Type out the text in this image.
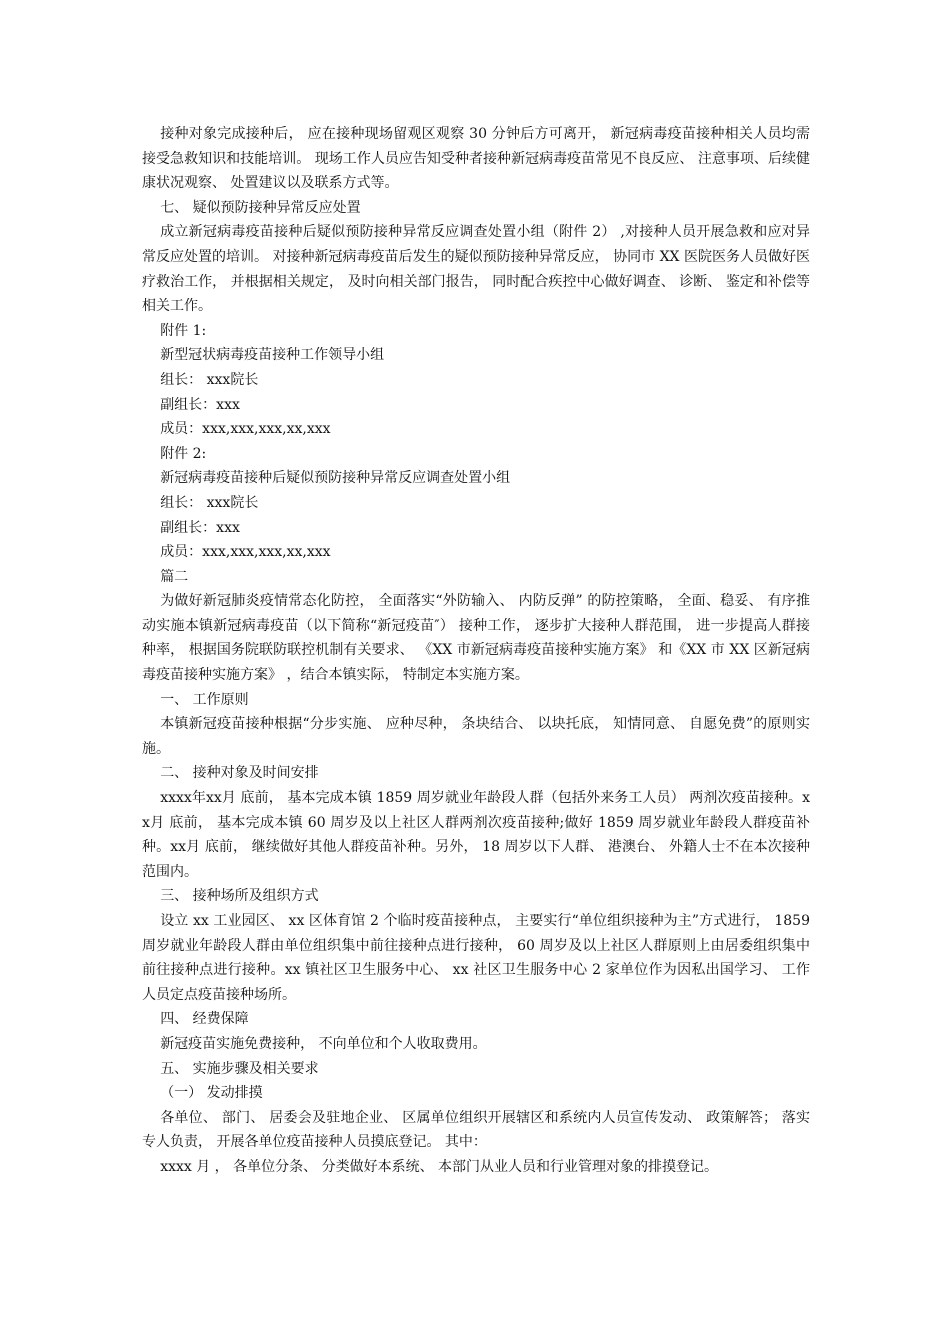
接种对象完成接种后， 应在接种现场留观区观察 30 分钟后方可离开， 新冠病毒疫苗接种相关人员均需接受急救知识和技能培训。 现场工作人员应告知受种者接种新冠病毒疫苗常见不良反应、 注意事项、后续健康状况观察、 处置建议以及联系方式等。

七、 疑似预防接种异常反应处置

成立新冠病毒疫苗接种后疑似预防接种异常反应调查处置小组（附件 2） ,对接种人员开展急救和应对异常反应处置的培训。 对接种新冠病毒疫苗后发生的疑似预防接种异常反应， 协同市 XX 医院医务人员做好医疗救治工作， 并根据相关规定， 及时向相关部门报告， 同时配合疾控中心做好调查、 诊断、 鉴定和补偿等相关工作。

附件 1:

新型冠状病毒疫苗接种工作领导小组

组长： xxx院长

副组长：xxx

成员：xxx,xxx,xxx,xx,xxx

附件 2:

新冠病毒疫苗接种后疑似预防接种异常反应调查处置小组

组长： xxx院长

副组长：xxx

成员：xxx,xxx,xxx,xx,xxx

篇二

为做好新冠肺炎疫情常态化防控， 全面落实“外防输入、 内防反弹” 的防控策略， 全面、稳妥、 有序推动实施本镇新冠病毒疫苗（以下简称“新冠疫苗″） 接种工作， 逐步扩大接种人群范围， 进一步提高人群接种率， 根据国务院联防联控机制有关要求、 《XX 市新冠病毒疫苗接种实施方案》 和《XX 市 XX 区新冠病毒疫苗接种实施方案》 ，结合本镇实际， 特制定本实施方案。

一、 工作原则

本镇新冠疫苗接种根据“分步实施、 应种尽种， 条块结合、 以块托底， 知情同意、 自愿免费”的原则实施。

二、 接种对象及时间安排

xxxx年xx月 底前， 基本完成本镇 1859 周岁就业年龄段人群（包括外来务工人员） 两剂次疫苗接种。xx月 底前， 基本完成本镇 60 周岁及以上社区人群两剂次疫苗接种;做好 1859 周岁就业年龄段人群疫苗补种。xx月 底前， 继续做好其他人群疫苗补种。另外， 18 周岁以下人群、 港澳台、 外籍人士不在本次接种范围内。

三、 接种场所及组织方式

设立 xx 工业园区、 xx 区体育馆 2 个临时疫苗接种点， 主要实行“单位组织接种为主”方式进行， 1859 周岁就业年龄段人群由单位组织集中前往接种点进行接种， 60 周岁及以上社区人群原则上由居委组织集中前往接种点进行接种。xx 镇社区卫生服务中心、 xx 社区卫生服务中心 2 家单位作为因私出国学习、 工作人员定点疫苗接种场所。

四、 经费保障

新冠疫苗实施免费接种， 不向单位和个人收取费用。

五、 实施步骤及相关要求

（一） 发动排摸

各单位、 部门、 居委会及驻地企业、 区属单位组织开展辖区和系统内人员宣传发动、 政策解答； 落实专人负责， 开展各单位疫苗接种人员摸底登记。 其中：

xxxx 月 ， 各单位分条、 分类做好本系统、 本部门从业人员和行业管理对象的排摸登记。
